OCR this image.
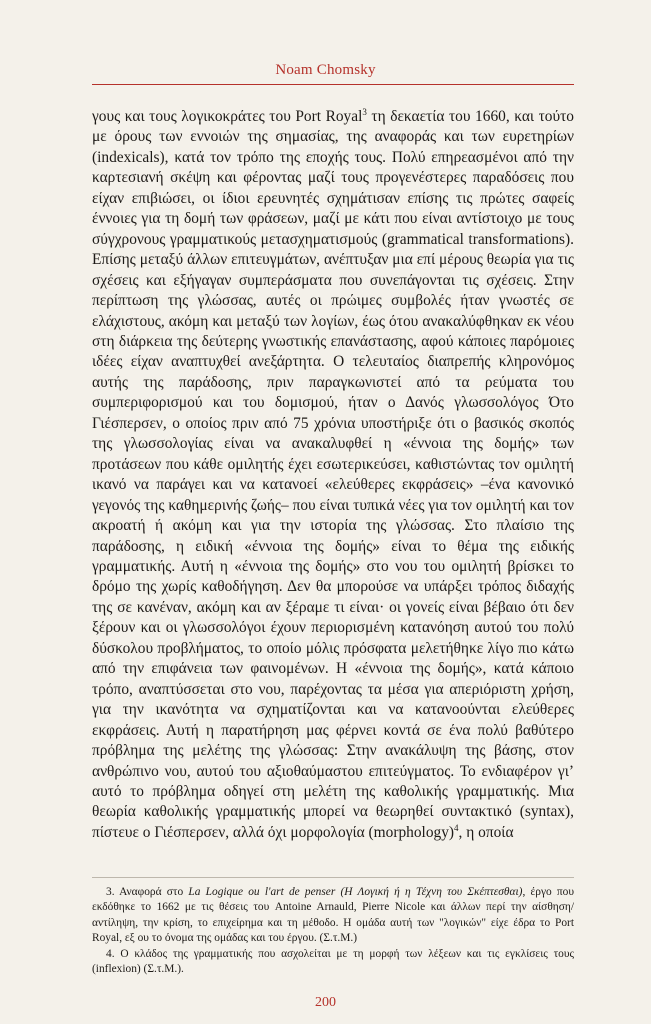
Noam Chomsky

γους και τους λογικοκράτες του Port Royal$^3$ τη δεκαετία του 1660, και τούτο με όρους των εννοιών της σημασίας, της αναφοράς και των ευρετηρίων (indexicals), κατά τον τρόπο της εποχής τους. Πολύ επηρεασμένοι από την καρτεσιανή σκέψη και φέροντας μαζί τους προγενέστερες παραδόσεις που είχαν επιβιώσει, οι ίδιοι ερευνητές σχημάτισαν επίσης τις πρώτες σαφείς έννοιες για τη δομή των φράσεων, μαζί με κάτι που είναι αντίστοιχο με τους σύγχρονους γραμματικούς μετασχηματισμούς (grammatical transformations). Επίσης μεταξύ άλλων επιτευγμάτων, ανέπτυξαν μια επί μέρους θεωρία για τις σχέσεις και εξήγαγαν συμπεράσματα που συνεπάγονται τις σχέσεις. Στην περίπτωση της γλώσσας, αυτές οι πρώιμες συμβολές ήταν γνωστές σε ελάχιστους, ακόμη και μεταξύ των λογίων, έως ότου ανακαλύφθηκαν εκ νέου στη διάρκεια της δεύτερης γνωστικής επανάστασης, αφού κάποιες παρόμοιες ιδέες είχαν αναπτυχθεί ανεξάρτητα. Ο τελευταίος διαπρεπής κληρονόμος αυτής της παράδοσης, πριν παραγκωνιστεί από τα ρεύματα του συμπεριφορισμού και του δομισμού, ήταν ο Δανός γλωσσολόγος Ότο Γιέσπερσεν, ο οποίος πριν από 75 χρόνια υποστήριξε ότι ο βασικός σκοπός της γλωσσολογίας είναι να ανακαλυφθεί η «έννοια της δομής» των προτάσεων που κάθε ομιλητής έχει εσωτερικεύσει, καθιστώντας τον ομιλητή ικανό να παράγει και να κατανοεί «ελεύθερες εκφράσεις» –ένα κανονικό γεγονός της καθημερινής ζωής– που είναι τυπικά νέες για τον ομιλητή και τον ακροατή ή ακόμη και για την ιστορία της γλώσσας. Στο πλαίσιο της παράδοσης, η ειδική «έννοια της δομής» είναι το θέμα της ειδικής γραμματικής. Αυτή η «έννοια της δομής» στο νου του ομιλητή βρίσκει το δρόμο της χωρίς καθοδήγηση. Δεν θα μπορούσε να υπάρξει τρόπος διδαχής της σε κανέναν, ακόμη και αν ξέραμε τι είναι· οι γονείς είναι βέβαιο ότι δεν ξέρουν και οι γλωσσολόγοι έχουν περιορισμένη κατανόηση αυτού του πολύ δύσκολου προβλήματος, το οποίο μόλις πρόσφατα μελετήθηκε λίγο πιο κάτω από την επιφάνεια των φαινομένων. Η «έννοια της δομής», κατά κάποιο τρόπο, αναπτύσσεται στο νου, παρέχοντας τα μέσα για απεριόριστη χρήση, για την ικανότητα να σχηματίζονται και να κατανοούνται ελεύθερες εκφράσεις. Αυτή η παρατήρηση μας φέρνει κοντά σε ένα πολύ βαθύτερο πρόβλημα της μελέτης της γλώσσας: Στην ανακάλυψη της βάσης, στον ανθρώπινο νου, αυτού του αξιοθαύμαστου επιτεύγματος. Το ενδιαφέρον γι’ αυτό το πρόβλημα οδηγεί στη μελέτη της καθολικής γραμματικής. Μια θεωρία καθολικής γραμματικής μπορεί να θεωρηθεί συντακτικό (syntax), πίστευε ο Γιέσπερσεν, αλλά όχι μορφολογία (morphology)$^4$, η οποία

3. Αναφορά στο La Logique ou l'art de penser (Η Λογική ή η Τέχνη του Σκέπτεσθαι), έργο που εκδόθηκε το 1662 με τις θέσεις του Antoine Arnauld, Pierre Nicole και άλλων περί την αίσθηση/αντίληψη, την κρίση, το επιχείρημα και τη μέθοδο. Η ομάδα αυτή των "λογικών" είχε έδρα το Port Royal, εξ ου το όνομα της ομάδας και του έργου. (Σ.τ.Μ.)

4. Ο κλάδος της γραμματικής που ασχολείται με τη μορφή των λέξεων και τις εγκλίσεις τους (inflexion) (Σ.τ.Μ.).

200
